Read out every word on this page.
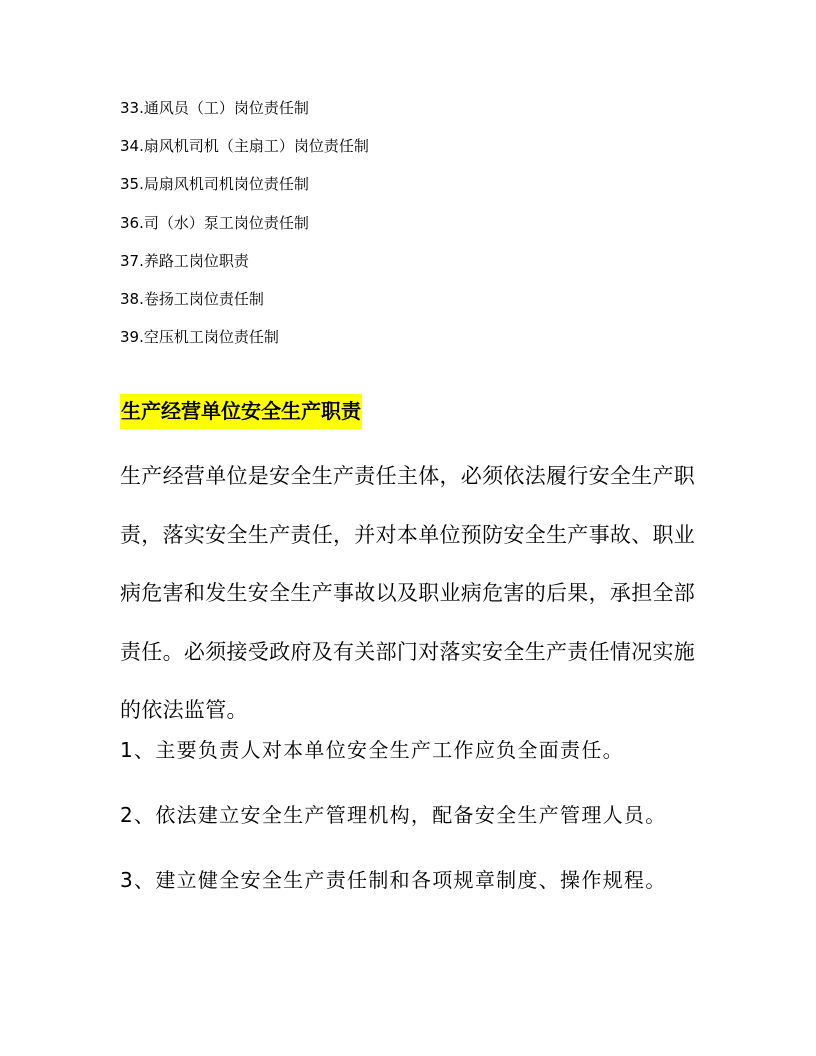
33.通风员（工）岗位责任制
34.扇风机司机（主扇工）岗位责任制
35.局扇风机司机岗位责任制
36.司（水）泵工岗位责任制
37.养路工岗位职责
38.卷扬工岗位责任制
39.空压机工岗位责任制
生产经营单位安全生产职责
生产经营单位是安全生产责任主体，必须依法履行安全生产职
责，落实安全生产责任，并对本单位预防安全生产事故、职业
病危害和发生安全生产事故以及职业病危害的后果，承担全部
责任。必须接受政府及有关部门对落实安全生产责任情况实施
的依法监管。
1、主要负责人对本单位安全生产工作应负全面责任。
2、依法建立安全生产管理机构，配备安全生产管理人员。
3、建立健全安全生产责任制和各项规章制度、操作规程。
